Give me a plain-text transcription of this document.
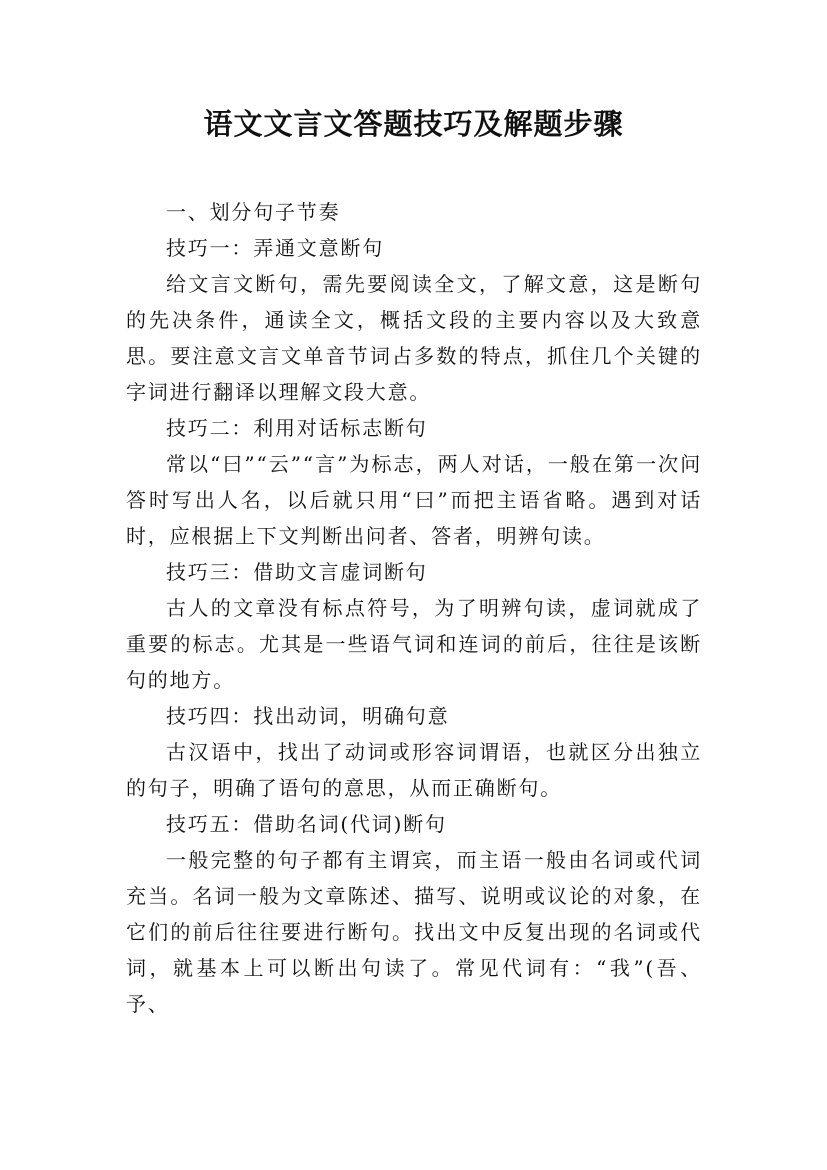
语文文言文答题技巧及解题步骤

一、划分句子节奏

技巧一：弄通文意断句

给文言文断句，需先要阅读全文，了解文意，这是断句的先决条件，通读全文，概括文段的主要内容以及大致意思。要注意文言文单音节词占多数的特点，抓住几个关键的字词进行翻译以理解文段大意。

技巧二：利用对话标志断句

常以“曰”“云”“言”为标志，两人对话，一般在第一次问答时写出人名，以后就只用“曰”而把主语省略。遇到对话时，应根据上下文判断出问者、答者，明辨句读。

技巧三：借助文言虚词断句

古人的文章没有标点符号，为了明辨句读，虚词就成了重要的标志。尤其是一些语气词和连词的前后，往往是该断句的地方。

技巧四：找出动词，明确句意

古汉语中，找出了动词或形容词谓语，也就区分出独立的句子，明确了语句的意思，从而正确断句。

技巧五：借助名词(代词)断句

一般完整的句子都有主谓宾，而主语一般由名词或代词充当。名词一般为文章陈述、描写、说明或议论的对象，在它们的前后往往要进行断句。找出文中反复出现的名词或代词，就基本上可以断出句读了。常见代词有：“我”(吾、予、
